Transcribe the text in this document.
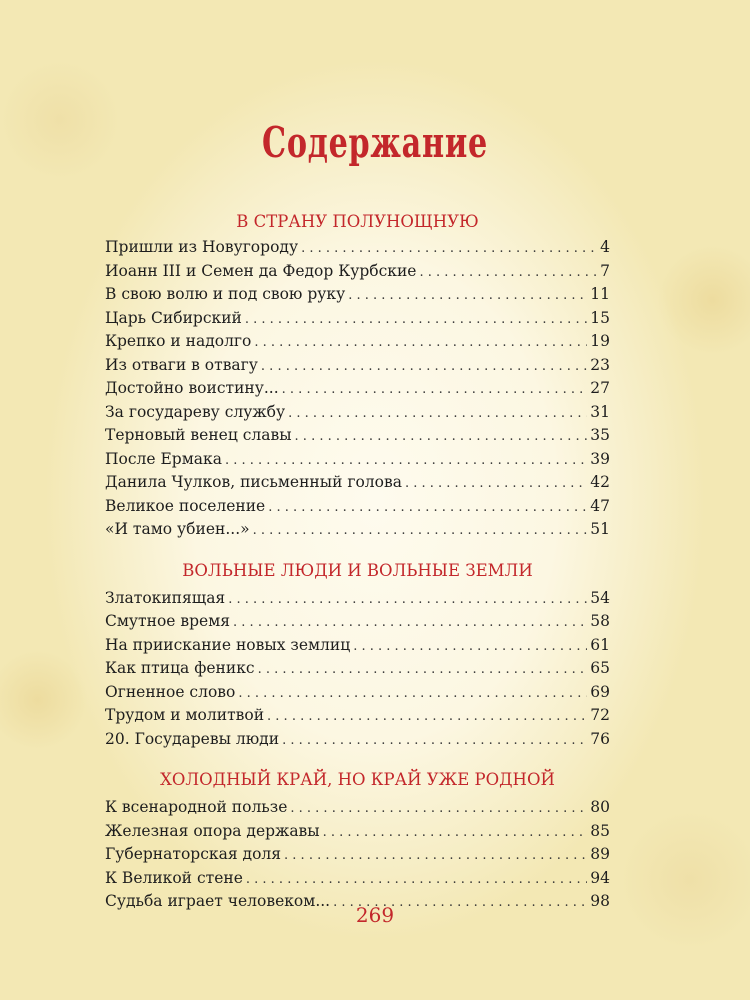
Содержание
В СТРАНУ ПОЛУНОЩНУЮ
Пришли из Новугороду . . .	4
Иоанн III и Семен да Федор Курбские . . .	7
В свою волю и под свою руку . . .	11
Царь Сибирский . . .	15
Крепко и надолго . . .	19
Из отваги в отвагу . . .	23
Достойно воистину... . . .	27
За государеву службу . . .	31
Терновый венец славы . . .	35
После Ермака . . .	39
Данила Чулков, письменный голова . . .	42
Великое поселение . . .	47
«И тамо убиен...» . . .	51
ВОЛЬНЫЕ ЛЮДИ И ВОЛЬНЫЕ ЗЕМЛИ
Златокипящая . . .	54
Смутное время . . .	58
На приискание новых землиц . . .	61
Как птица феникс . . .	65
Огненное слово . . .	69
Трудом и молитвой . . .	72
20. Государевы люди . . .	76
ХОЛОДНЫЙ КРАЙ, НО КРАЙ УЖЕ РОДНОЙ
К всенародной пользе . . .	80
Железная опора державы . . .	85
Губернаторская доля . . .	89
К Великой стене . . .	94
Судьба играет человеком... . . .	98
269
